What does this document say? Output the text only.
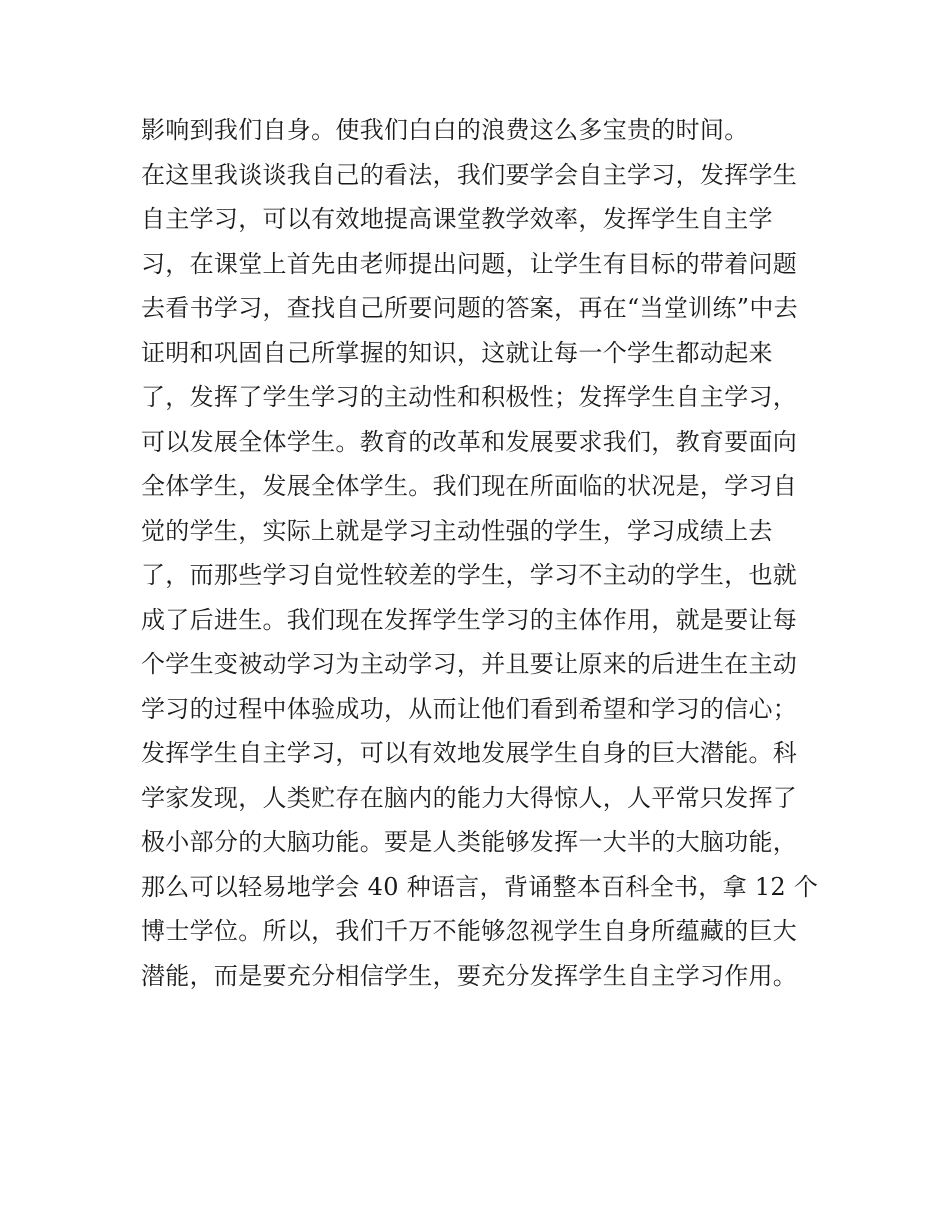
影响到我们自身。使我们白白的浪费这么多宝贵的时间。
在这里我谈谈我自己的看法，我们要学会自主学习，发挥学生
自主学习，可以有效地提高课堂教学效率，发挥学生自主学
习，在课堂上首先由老师提出问题，让学生有目标的带着问题
去看书学习，查找自己所要问题的答案，再在“当堂训练”中去
证明和巩固自己所掌握的知识，这就让每一个学生都动起来
了，发挥了学生学习的主动性和积极性；发挥学生自主学习，
可以发展全体学生。教育的改革和发展要求我们，教育要面向
全体学生，发展全体学生。我们现在所面临的状况是，学习自
觉的学生，实际上就是学习主动性强的学生，学习成绩上去
了，而那些学习自觉性较差的学生，学习不主动的学生，也就
成了后进生。我们现在发挥学生学习的主体作用，就是要让每
个学生变被动学习为主动学习，并且要让原来的后进生在主动
学习的过程中体验成功，从而让他们看到希望和学习的信心；
发挥学生自主学习，可以有效地发展学生自身的巨大潜能。科
学家发现，人类贮存在脑内的能力大得惊人，人平常只发挥了
极小部分的大脑功能。要是人类能够发挥一大半的大脑功能，
那么可以轻易地学会 40 种语言，背诵整本百科全书，拿 12 个
博士学位。所以，我们千万不能够忽视学生自身所蕴藏的巨大
潜能，而是要充分相信学生，要充分发挥学生自主学习作用。
